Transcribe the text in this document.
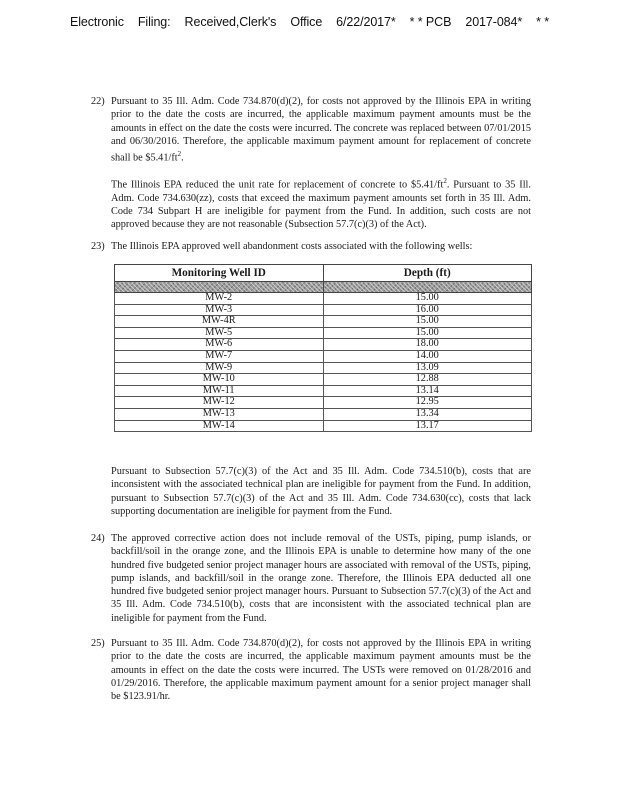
Electronic Filing: Received,Clerk's Office 6/22/2017* * * PCB 2017-084* * *
22) Pursuant to 35 Ill. Adm. Code 734.870(d)(2), for costs not approved by the Illinois EPA in writing prior to the date the costs are incurred, the applicable maximum payment amounts must be the amounts in effect on the date the costs were incurred. The concrete was replaced between 07/01/2015 and 06/30/2016. Therefore, the applicable maximum payment amount for replacement of concrete shall be $\$5.41/ft^2$.
The Illinois EPA reduced the unit rate for replacement of concrete to $\$5.41/ft^2$. Pursuant to 35 Ill. Adm. Code 734.630(zz), costs that exceed the maximum payment amounts set forth in 35 Ill. Adm. Code 734 Subpart H are ineligible for payment from the Fund. In addition, such costs are not approved because they are not reasonable (Subsection 57.7(c)(3) of the Act).
23) The Illinois EPA approved well abandonment costs associated with the following wells:
Monitoring Well ID	Depth (ft)

MW-2	15.00
MW-3	16.00
MW-4R	15.00
MW-5	15.00
MW-6	18.00
MW-7	14.00
MW-9	13.09
MW-10	12.88
MW-11	13.14
MW-12	12.95
MW-13	13.34
MW-14	13.17
Pursuant to Subsection 57.7(c)(3) of the Act and 35 Ill. Adm. Code 734.510(b), costs that are inconsistent with the associated technical plan are ineligible for payment from the Fund. In addition, pursuant to Subsection 57.7(c)(3) of the Act and 35 Ill. Adm. Code 734.630(cc), costs that lack supporting documentation are ineligible for payment from the Fund.
24) The approved corrective action does not include removal of the USTs, piping, pump islands, or backfill/soil in the orange zone, and the Illinois EPA is unable to determine how many of the one hundred five budgeted senior project manager hours are associated with removal of the USTs, piping, pump islands, and backfill/soil in the orange zone. Therefore, the Illinois EPA deducted all one hundred five budgeted senior project manager hours. Pursuant to Subsection 57.7(c)(3) of the Act and 35 Ill. Adm. Code 734.510(b), costs that are inconsistent with the associated technical plan are ineligible for payment from the Fund.
25) Pursuant to 35 Ill. Adm. Code 734.870(d)(2), for costs not approved by the Illinois EPA in writing prior to the date the costs are incurred, the applicable maximum payment amounts must be the amounts in effect on the date the costs were incurred. The USTs were removed on 01/28/2016 and 01/29/2016. Therefore, the applicable maximum payment amount for a senior project manager shall be $123.91/hr.
